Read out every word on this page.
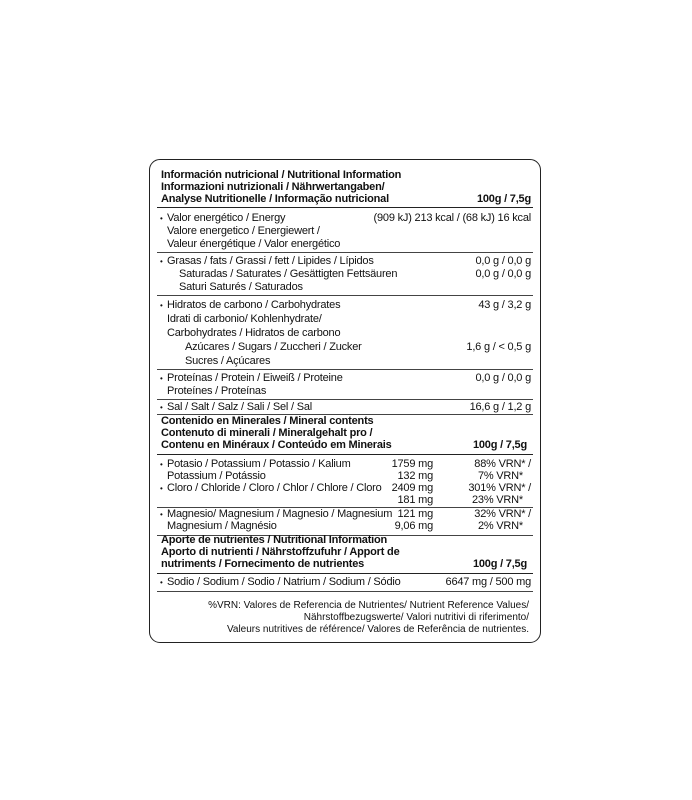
Información nutricional / Nutritional Information
Informazioni nutrizionali / Nährwertangaben/
Analyse Nutritionelle / Informação nutricional	100g / 7,5g
• Valor energético / Energy	(909 kJ) 213 kcal / (68 kJ) 16 kcal
Valore energetico / Energiewert /
Valeur énergétique / Valor energético
• Grasas / fats / Grassi / fett / Lipides / Lípidos	0,0 g / 0,0 g
Saturadas / Saturates / Gesättigten Fettsäuren	0,0 g / 0,0 g
Saturi Saturés / Saturados
• Hidratos de carbono / Carbohydrates	43 g / 3,2 g
Idrati di carbonio/ Kohlenhydrate/
Carbohydrates / Hidratos de carbono
Azúcares / Sugars / Zuccheri / Zucker	1,6 g / < 0,5 g
Sucres / Açúcares
• Proteínas / Protein / Eiweiß / Proteine	0,0 g / 0,0 g
Proteínes / Proteínas
• Sal / Salt / Salz / Sali / Sel / Sal	16,6 g / 1,2 g
Contenido en Minerales / Mineral contents
Contenuto di minerali / Mineralgehalt pro /
Contenu en Minéraux / Conteúdo em Minerais	100g / 7,5g
• Potasio / Potassium / Potassio / Kalium	1759 mg	88% VRN* /
Potassium / Potássio	132 mg	7% VRN*
• Cloro / Chloride / Cloro / Chlor / Chlore / Cloro 2409 mg	301% VRN* /
181 mg	23% VRN*
• Magnesio/ Magnesium / Magnesio / Magnesium 121 mg	32% VRN* /
Magnesium / Magnésio	9,06 mg	2% VRN*
Aporte de nutrientes / Nutritional Information
Aporto di nutrienti / Nährstoffzufuhr / Apport de
nutriments / Fornecimento de nutrientes	100g / 7,5g
• Sodio / Sodium / Sodio / Natrium / Sodium / Sódio	6647 mg / 500 mg
%VRN: Valores de Referencia de Nutrientes/ Nutrient Reference Values/
Nährstoffbezugswerte/ Valori nutritivi di riferimento/
Valeurs nutritives de référence/ Valores de Referência de nutrientes.
